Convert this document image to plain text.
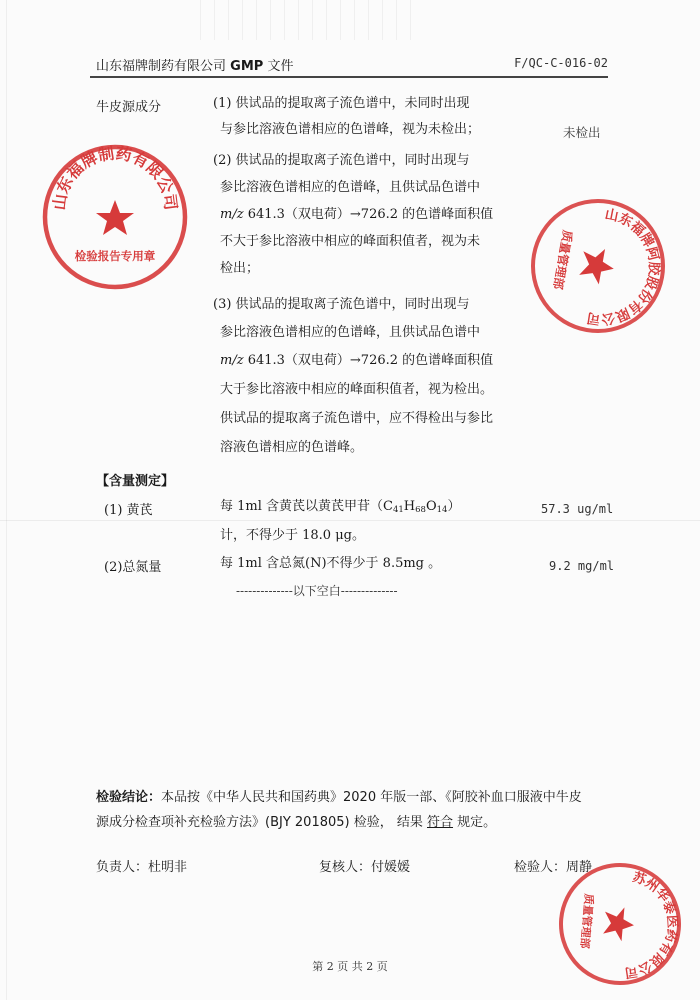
山东福牌制药有限公司 GMP 文件	F/QC-C-016-02
牛皮源成分	(1) 供试品的提取离子流色谱中，未同时出现
与参比溶液色谱相应的色谱峰，视为未检出；	未检出
(2) 供试品的提取离子流色谱中，同时出现与
参比溶液色谱相应的色谱峰，且供试品色谱中
m/z 641.3（双电荷）→726.2 的色谱峰面积值
不大于参比溶液中相应的峰面积值者，视为未
检出；
(3) 供试品的提取离子流色谱中，同时出现与
参比溶液色谱相应的色谱峰，且供试品色谱中
m/z 641.3（双电荷）→726.2 的色谱峰面积值
大于参比溶液中相应的峰面积值者，视为检出。
供试品的提取离子流色谱中，应不得检出与参比
溶液色谱相应的色谱峰。
【含量测定】
(1) 黄芪	每 1ml 含黄芪以黄芪甲苷$(C_{41}H_{68}O_{14})$	57.3 ug/ml
计，不得少于 18.0 μg。
(2)总氮量	每 1ml 含总氮(N)不得少于 8.5mg 。	9.2 mg/ml
--------------以下空白--------------
检验结论：本品按《中华人民共和国药典》2020 年版一部、《阿胶补血口服液中牛皮
源成分检查项补充检验方法》(BJY 201805) 检验， 结果 符合 规定。
负责人：杜明非	复核人：付媛媛	检验人：周静
第 2 页 共 2 页
山东福牌制药有限公司
检验报告专用章
山东福牌阿胶股份有限公司
质量管理部
苏州华泰医药有限公司
质量管理部
